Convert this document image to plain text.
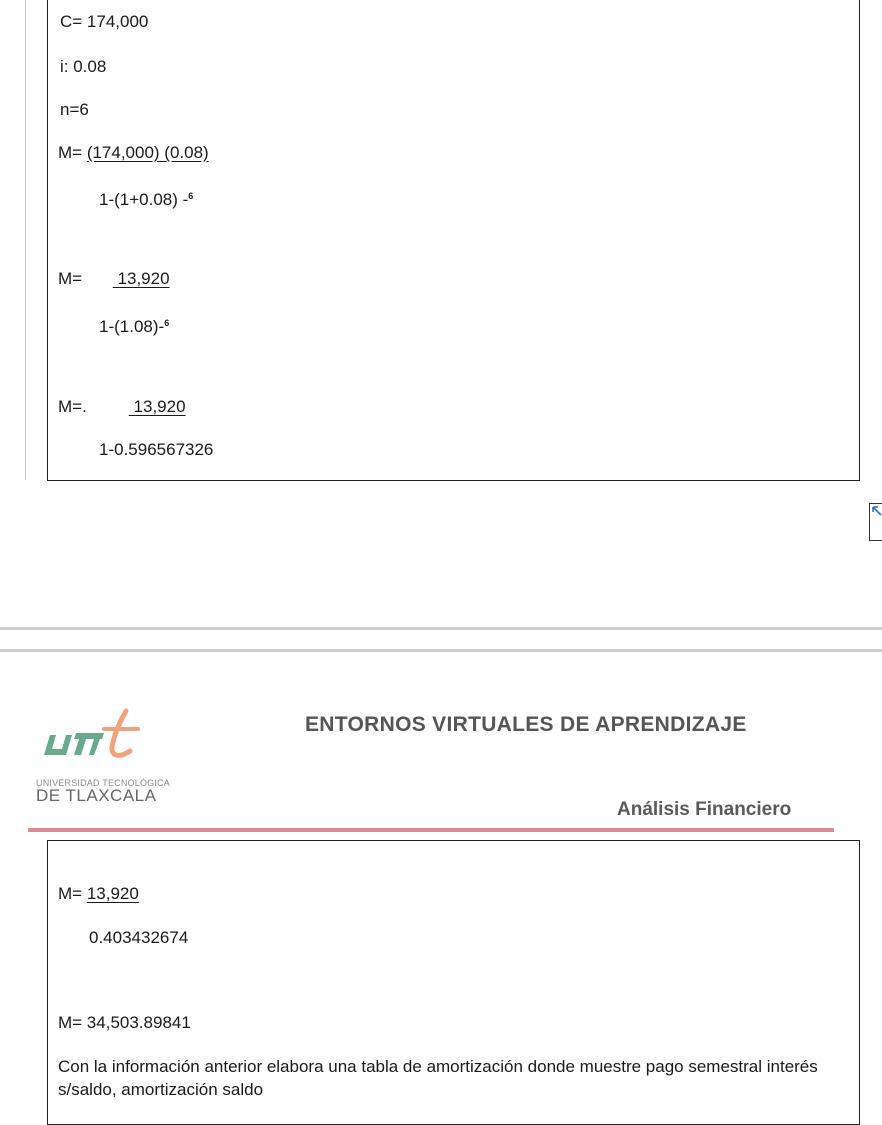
C= 174,000
i: 0.08
n=6
M= (174,000) (0.08)
1-(1+0.08) -$^6$
M=  13,920
1-(1.08)-$^6$
M=. 13,920
1-0.596567326
UNIVERSIDAD TECNOLÓGICA
DE TLAXCALA
ENTORNOS VIRTUALES DE APRENDIZAJE
Análisis Financiero
M= 13,920
0.403432674
M= 34,503.89841
Con la información anterior elabora una tabla de amortización donde muestre pago semestral interés s/saldo, amortización saldo
